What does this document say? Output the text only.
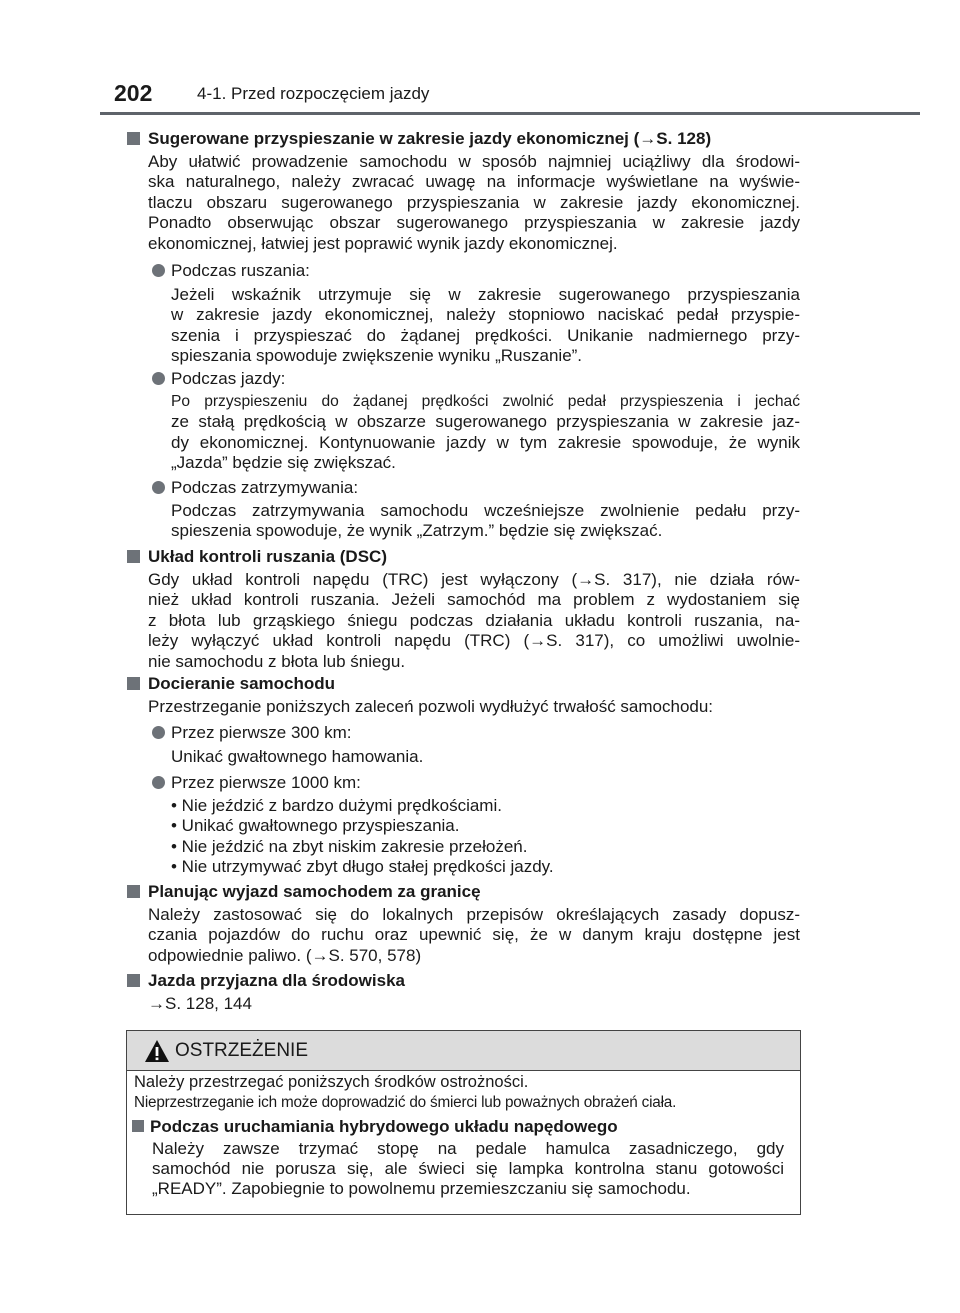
202	4-1. Przed rozpoczęciem jazdy
Sugerowane przyspieszanie w zakresie jazdy ekonomicznej (→S. 128)
Aby ułatwić prowadzenie samochodu w sposób najmniej uciążliwy dla środowi-
ska naturalnego, należy zwracać uwagę na informacje wyświetlane na wyświe-
tlaczu obszaru sugerowanego przyspieszania w zakresie jazdy ekonomicznej.
Ponadto obserwując obszar sugerowanego przyspieszania w zakresie jazdy
ekonomicznej, łatwiej jest poprawić wynik jazdy ekonomicznej.
Podczas ruszania:
Jeżeli wskaźnik utrzymuje się w zakresie sugerowanego przyspieszania
w zakresie jazdy ekonomicznej, należy stopniowo naciskać pedał przyspie-
szenia i przyspieszać do żądanej prędkości. Unikanie nadmiernego przy-
spieszania spowoduje zwiększenie wyniku „Ruszanie”.
Podczas jazdy:
Po przyspieszeniu do żądanej prędkości zwolnić pedał przyspieszenia i jechać
ze stałą prędkością w obszarze sugerowanego przyspieszania w zakresie jaz-
dy ekonomicznej. Kontynuowanie jazdy w tym zakresie spowoduje, że wynik
„Jazda” będzie się zwiększać.
Podczas zatrzymywania:
Podczas zatrzymywania samochodu wcześniejsze zwolnienie pedału przy-
spieszenia spowoduje, że wynik „Zatrzym.” będzie się zwiększać.
Układ kontroli ruszania (DSC)
Gdy układ kontroli napędu (TRC) jest wyłączony (→S. 317), nie działa rów-
nież układ kontroli ruszania. Jeżeli samochód ma problem z wydostaniem się
z błota lub grząskiego śniegu podczas działania układu kontroli ruszania, na-
leży wyłączyć układ kontroli napędu (TRC) (→S. 317), co umożliwi uwolnie-
nie samochodu z błota lub śniegu.
Docieranie samochodu
Przestrzeganie poniższych zaleceń pozwoli wydłużyć trwałość samochodu:
Przez pierwsze 300 km:
Unikać gwałtownego hamowania.
Przez pierwsze 1000 km:
• Nie jeździć z bardzo dużymi prędkościami.
• Unikać gwałtownego przyspieszania.
• Nie jeździć na zbyt niskim zakresie przełożeń.
• Nie utrzymywać zbyt długo stałej prędkości jazdy.
Planując wyjazd samochodem za granicę
Należy zastosować się do lokalnych przepisów określających zasady dopusz-
czania pojazdów do ruchu oraz upewnić się, że w danym kraju dostępne jest
odpowiednie paliwo. (→S. 570, 578)
Jazda przyjazna dla środowiska
→S. 128, 144
OSTRZEŻENIE
Należy przestrzegać poniższych środków ostrożności.
Nieprzestrzeganie ich może doprowadzić do śmierci lub poważnych obrażeń ciała.
Podczas uruchamiania hybrydowego układu napędowego
Należy zawsze trzymać stopę na pedale hamulca zasadniczego, gdy
samochód nie porusza się, ale świeci się lampka kontrolna stanu gotowości
„READY”. Zapobiegnie to powolnemu przemieszczaniu się samochodu.
